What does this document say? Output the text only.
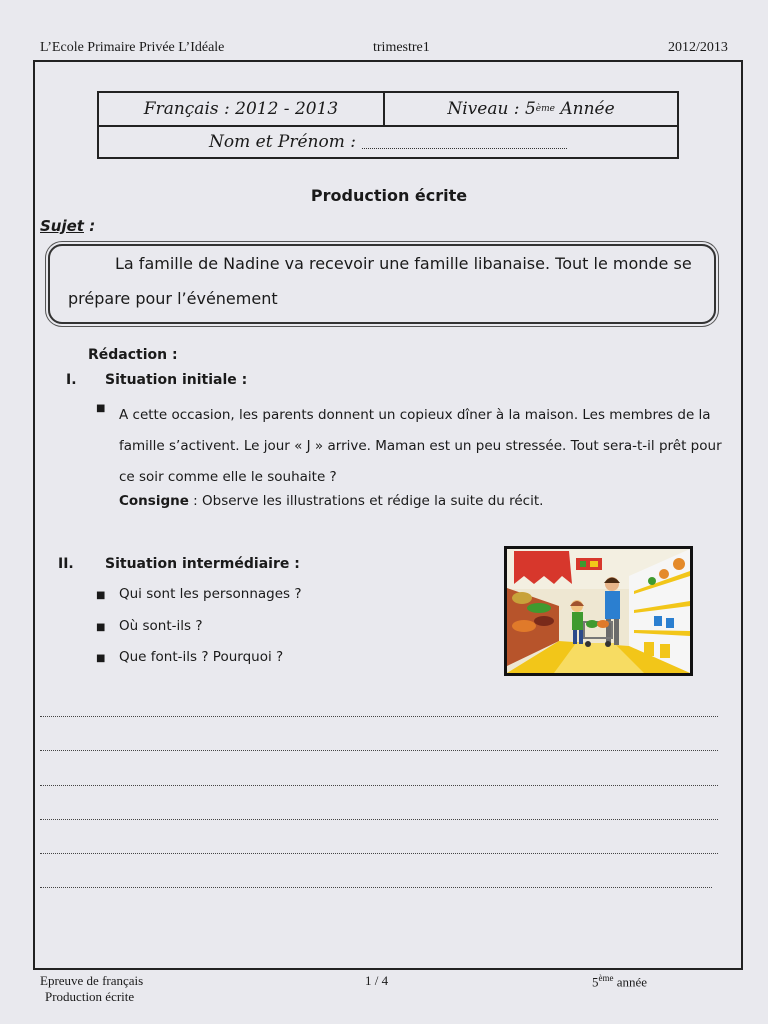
L’Ecole Primaire Privée L’Idéale	trimestre1	2012/2013
Français : 2012 - 2013	Niveau : 5 ème
Année
Nom et Prénom :
Production écrite
Sujet :
La famille de Nadine va recevoir une famille libanaise. Tout le monde se
prépare pour l’événement
Rédaction :
I. Situation initiale :
■ A cette occasion, les parents donnent un copieux dîner à la maison. Les membres de la famille s’activent. Le jour « J » arrive. Maman est un peu stressée. Tout sera-t-il prêt pour ce soir comme elle le souhaite ?
Consigne : Observe les illustrations et rédige la suite du récit.
II. Situation intermédiaire :
■ Qui sont les personnages ?
■ Où sont-ils ?
■ Que font-ils ? Pourquoi ?
Epreuve de français
Production écrite
1 / 4	5ème année
